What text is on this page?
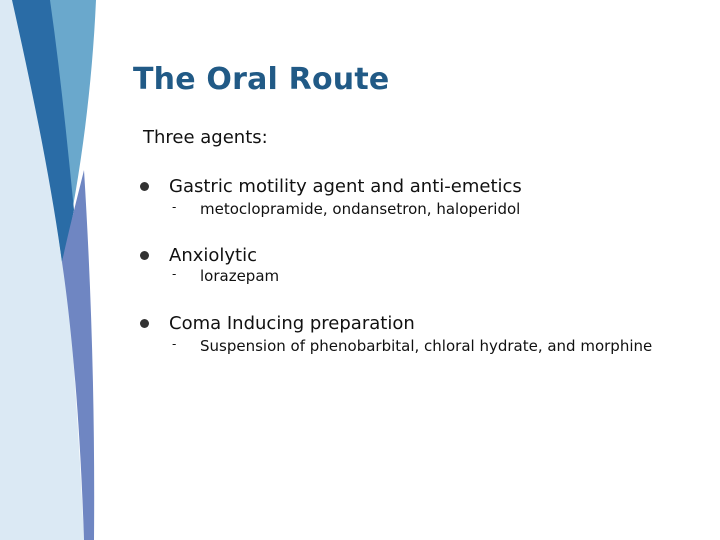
The Oral Route
Three agents:
Gastric motility agent and anti-emetics
- metoclopramide, ondansetron, haloperidol
Anxiolytic
- lorazepam
Coma Inducing preparation
- Suspension of phenobarbital, chloral hydrate, and morphine
